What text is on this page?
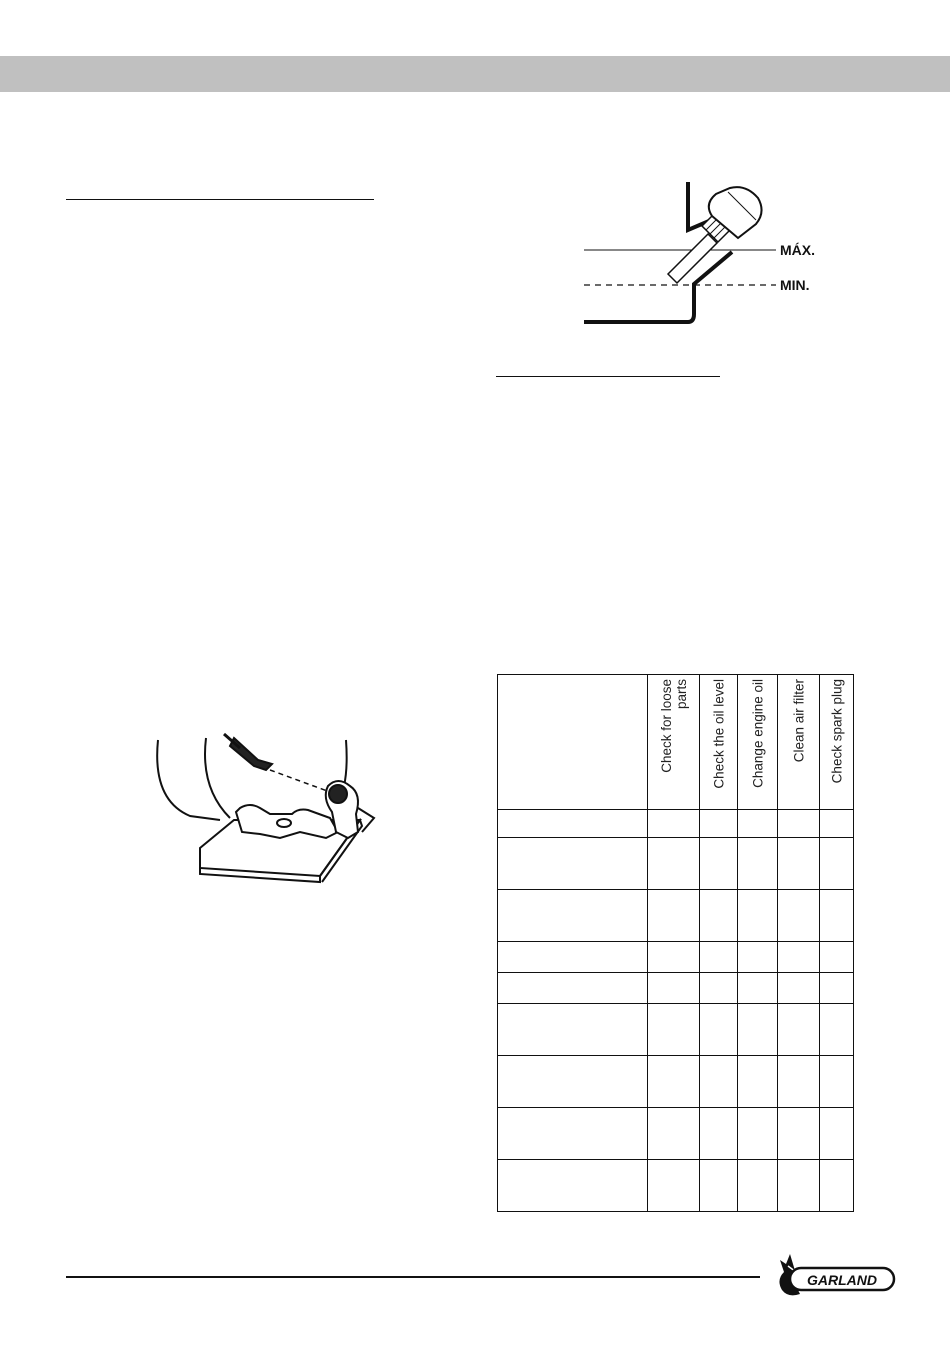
MÁX.
MIN.

	Check for loose parts	Check the oil level	Change engine oil	Clean air filter	Check spark plug

GARLAND
